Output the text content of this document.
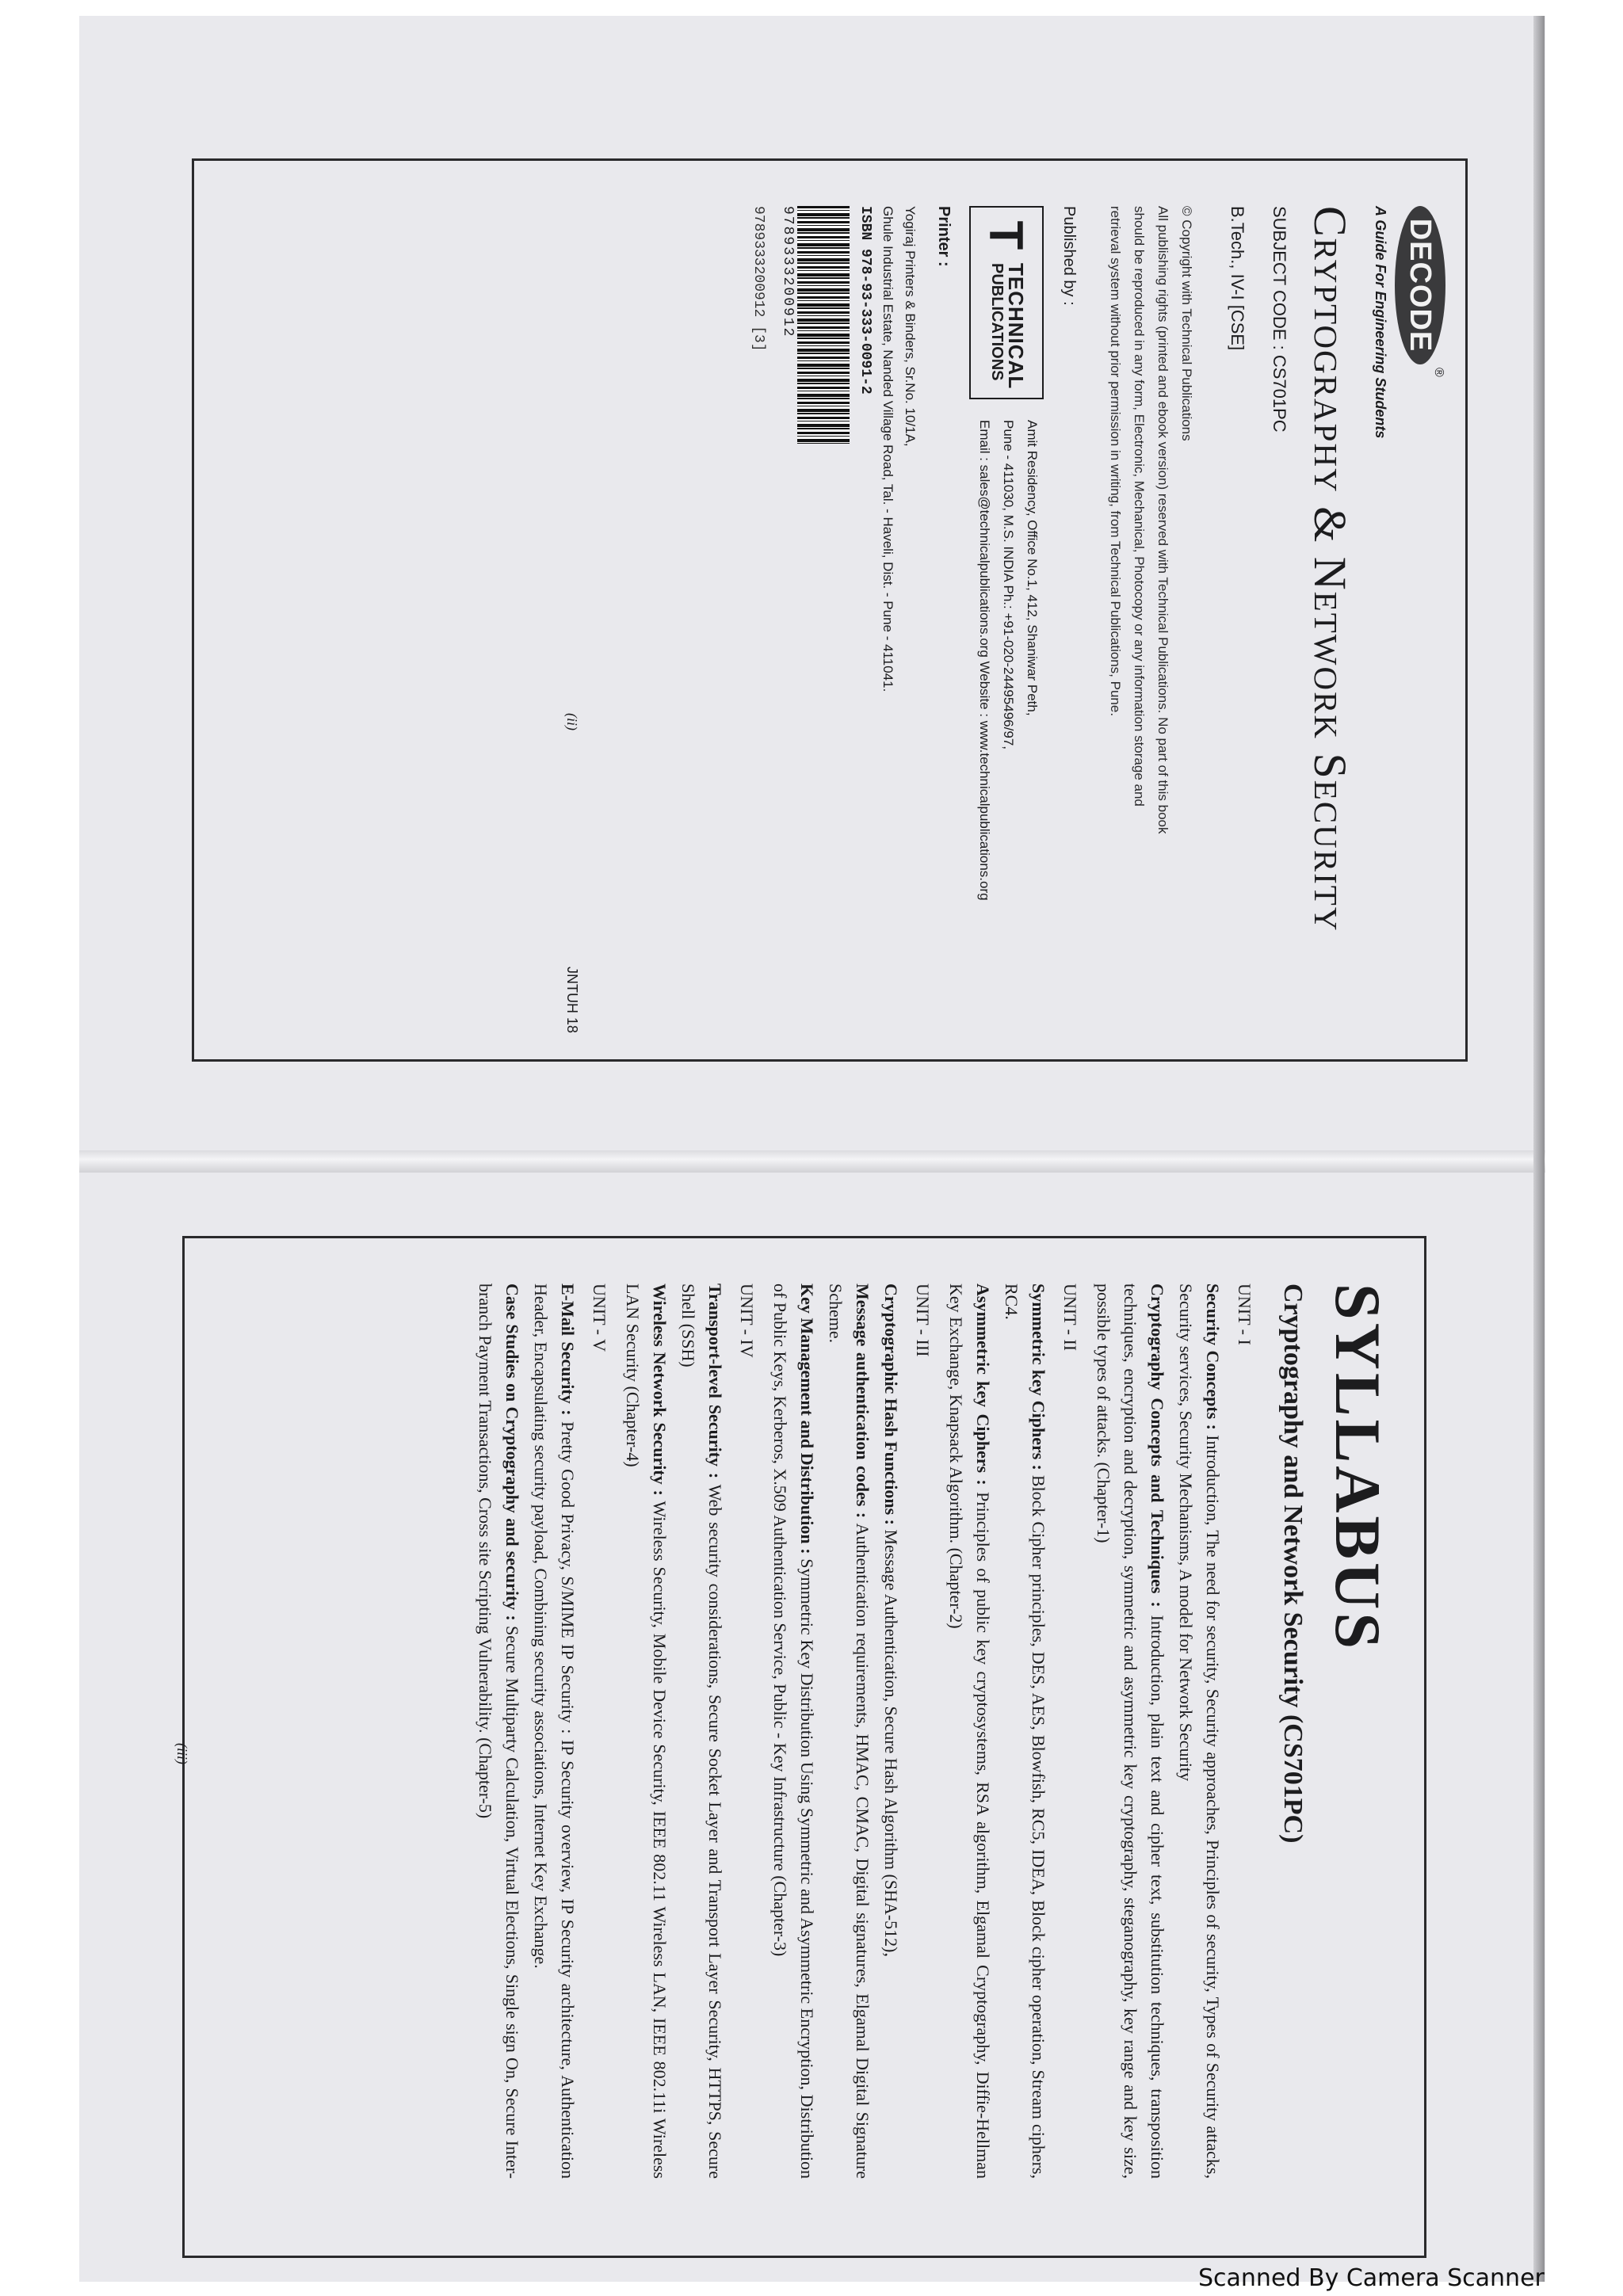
DECODE
®
A Guide For Engineering Students
Cryptography & Network Security
SUBJECT CODE : CS701PC
B.Tech., IV-I [CSE]
© Copyright with Technical Publications
All publishing rights (printed and ebook version) reserved with Technical Publications. No part of this book
should be reproduced in any form, Electronic, Mechanical, Photocopy or any information storage and
retrieval system without prior permission in writing, from Technical Publications, Pune.
Published by :
T
TECHNICAL
PUBLICATIONS
Amit Residency, Office No.1, 412, Shaniwar Peth,
Pune - 411030, M.S. INDIA Ph.: +91-020-24495496/97,
Email : sales@technicalpublications.org Website : www.technicalpublications.org
Printer :
Yogiraj Printers & Binders, Sr.No. 10/1A,
Ghule Industrial Estate, Nanded Village Road, Tal. - Haveli, Dist. - Pune - 411041.
ISBN 978-93-333-0091-2
9789333200912
9789333200912 [3]
(ii)
JNTUH 18
SYLLABUS
Cryptography and Network Security (CS701PC)
UNIT - I
Security Concepts : Introduction, The need for security, Security approaches, Principles of security, Types of Security attacks, Security services, Security Mechanisms, A model for Network Security
Cryptography Concepts and Techniques : Introduction, plain text and cipher text, substitution techniques, transposition techniques, encryption and decryption, symmetric and asymmetric key cryptography, steganography, key range and key size, possible types of attacks. (Chapter-1)
UNIT - II
Symmetric key Ciphers : Block Cipher principles, DES, AES, Blowfish, RC5, IDEA, Block cipher operation, Stream ciphers, RC4.
Asymmetric key Ciphers : Principles of public key cryptosystems, RSA algorithm, Elgamal Cryptography, Diffie-Hellman Key Exchange, Knapsack Algorithm. (Chapter-2)
UNIT - III
Cryptographic Hash Functions : Message Authentication, Secure Hash Algorithm (SHA-512),
Message authentication codes : Authentication requirements, HMAC, CMAC, Digital signatures, Elgamal Digital Signature Scheme.
Key Management and Distribution : Symmetric Key Distribution Using Symmetric and Asymmetric Encryption, Distribution of Public Keys, Kerberos, X.509 Authentication Service, Public - Key Infrastructure (Chapter-3)
UNIT - IV
Transport-level Security : Web security considerations, Secure Socket Layer and Transport Layer Security, HTTPS, Secure Shell (SSH)
Wireless Network Security : Wireless Security, Mobile Device Security, IEEE 802.11 Wireless LAN, IEEE 802.11i Wireless LAN Security (Chapter-4)
UNIT - V
E-Mail Security : Pretty Good Privacy, S/MIME IP Security : IP Security overview, IP Security architecture, Authentication Header, Encapsulating security payload, Combining security associations, Internet Key Exchange.
Case Studies on Cryptography and security : Secure Multiparty Calculation, Virtual Elections, Single sign On, Secure Inter-branch Payment Transactions, Cross site Scripting Vulnerability. (Chapter-5)
(iii)
Scanned By Camera Scanner
